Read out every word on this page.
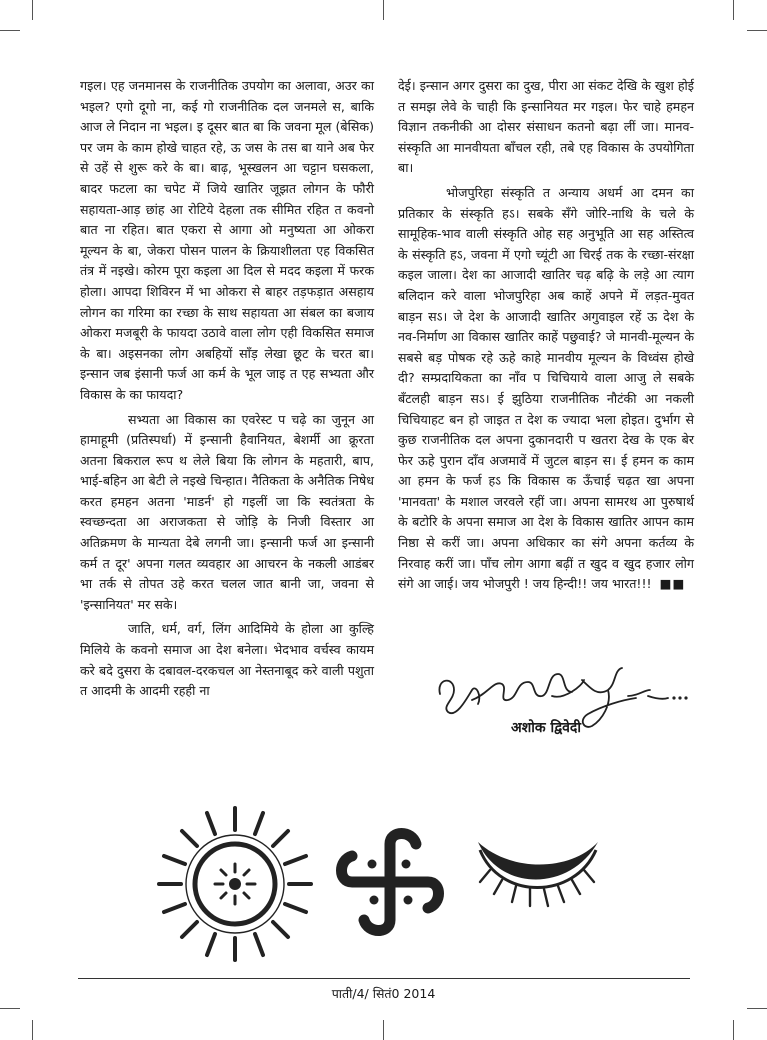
गइल। एह जनमानस के राजनीतिक उपयोग का अलावा, अउर का भइल? एगो दूगो ना, कई गो राजनीतिक दल जनमले स, बाकि आज ले निदान ना भइल। इ दूसर बात बा कि जवना मूल (बेसिक) पर जम के काम होखे चाहत रहे, ऊ जस के तस बा याने अब फेर से उहें से शुरू करे के बा। बाढ़, भूस्खलन आ चट्टान घसकला, बादर फटला का चपेट में जिये खातिर जूझत लोगन के फौरी सहायता-आड़ छांह आ रोटिये देहला तक सीमित रहित त कवनो बात ना रहित। बात एकरा से आगा ओ मनुष्यता आ ओकरा मूल्यन के बा, जेकरा पोसन पालन के क्रियाशीलता एह विकसित तंत्र में नइखे। कोरम पूरा कइला आ दिल से मदद कइला में फरक होला। आपदा शिविरन में भा ओकरा से बाहर तड़फड़ात असहाय लोगन का गरिमा का रच्छा के साथ सहायता आ संबल का बजाय ओकरा मजबूरी के फायदा उठावे वाला लोग एही विकसित समाज के बा। अइसनका लोग अबहियों साँड़ लेखा छूट के चरत बा। इन्सान जब इंसानी फर्ज आ कर्म के भूल जाइ त एह सभ्यता और विकास के का फायदा?

सभ्यता आ विकास का एवरेस्ट प चढ़े का जुनून आ हामाहूमी (प्रतिस्पर्धा) में इन्सानी हैवानियत, बेशर्मी आ क्रूरता अतना बिकराल रूप थ लेले बिया कि लोगन के महतारी, बाप, भाई-बहिन आ बेटी ले नइखे चिन्हात। नैतिकता के अनैतिक निषेध करत हमहन अतना 'माडर्न' हो गइलीं जा कि स्वतंत्रता के स्वच्छन्दता आ अराजकता से जोड़ि के निजी विस्तार आ अतिक्रमण के मान्यता देबे लगनी जा। इन्सानी फर्ज आ इन्सानी कर्म त दूर' अपना गलत व्यवहार आ आचरन के नकली आडंबर भा तर्क से तोपत उहे करत चलल जात बानी जा, जवना से 'इन्सानियत' मर सके।

जाति, धर्म, वर्ग, लिंग आदिमिये के होला आ कुल्हि मिलिये के कवनो समाज आ देश बनेला। भेदभाव वर्चस्व कायम करे बदे दुसरा के दबावल-दरकचल आ नेस्तनाबूद करे वाली पशुता त आदमी के आदमी रहही ना

देई। इन्सान अगर दुसरा का दुख, पीरा आ संकट देखि के खुश होई त समझ लेवे के चाही कि इन्सानियत मर गइल। फेर चाहे हमहन विज्ञान तकनीकी आ दोसर संसाधन कतनो बढ़ा लीं जा। मानव-संस्कृति आ मानवीयता बाँचल रही, तबे एह विकास के उपयोगिता बा।

भोजपुरिहा संस्कृति त अन्याय अधर्म आ दमन का प्रतिकार के संस्कृति हऽ। सबके सँगे जोरि-नाथि के चले के सामूहिक-भाव वाली संस्कृति ओह सह अनुभूति आ सह अस्तित्व के संस्कृति हऽ, जवना में एगो च्यूंटी आ चिरई तक के रच्छा-संरक्षा कइल जाला। देश का आजादी खातिर चढ़ बढ़ि के लड़े आ त्याग बलिदान करे वाला भोजपुरिहा अब काहें अपने में लड़त-मुवत बाड़न सऽ। जे देश के आजादी खातिर अगुवाइल रहें ऊ देश के नव-निर्माण आ विकास खातिर काहें पछुवाई? जे मानवी-मूल्यन के सबसे बड़ पोषक रहे ऊहे काहे मानवीय मूल्यन के विध्वंस होखे दी? सम्प्रदायिकता का नाँव प चिचियाये वाला आजु ले सबके बँटलही बाड़न सऽ। ई झुठिया राजनीतिक नौटंकी आ नकली चिचियाहट बन हो जाइत त देश क ज्यादा भला होइत। दुर्भाग से कुछ राजनीतिक दल अपना दुकानदारी प खतरा देख के एक बेर फेर ऊहे पुरान दाँव अजमावें में जुटल बाड़न स। ई हमन क काम आ हमन के फर्ज हऽ कि विकास क ऊँचाई चढ़त खा अपना 'मानवता' के मशाल जरवले रहीं जा। अपना सामरथ आ पुरुषार्थ के बटोरि के अपना समाज आ देश के विकास खातिर आपन काम निष्ठा से करीं जा। अपना अधिकार का संगे अपना कर्तव्य के निरवाह करीं जा। पाँच लोग आगा बढ़ीं त खुद व खुद हजार लोग संगे आ जाई। जय भोजपुरी ! जय हिन्दी!! जय भारत!!! ■■

अशोक द्विवेदी
पाती/4/ सितं0 2014
